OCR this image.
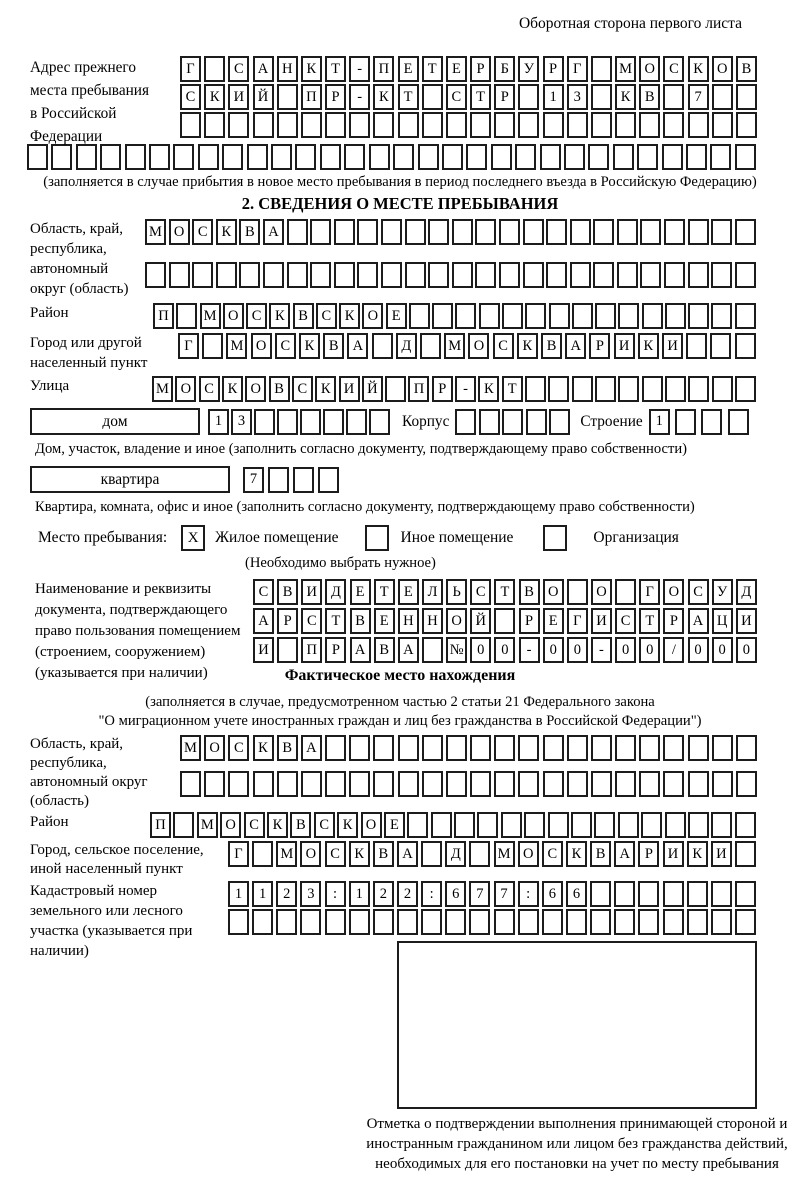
Оборотная сторона первого листа
Адрес прежнего места пребывания в Российской Федерации
Г	С А Н К	Т	-	П	Е	Т	Е	Р	Б	У	Р	Г	М О С	К О В
С	К И Й	П	Р	-	К	Т	С	Т	Р	1	3	К	В	7
(заполняется в случае прибытия в новое место пребывания в период последнего въезда в Российскую Федерацию)
2. СВЕДЕНИЯ О МЕСТЕ ПРЕБЫВАНИЯ
Область, край, республика, автономный округ (область)
М О С К В А
Район	П	М О С К В С К О Е
Город или другой населенный пункт
Г	М О С	К	В А	Д	М О С	К	В А	Р	И К И
Улица	М О С К О В С К И Й	П Р	-	К Т
дом	1	3	Корпус	Строение 1
Дом, участок, владение и иное (заполнить согласно документу, подтверждающему право собственности)
квартира	7
Квартира, комната, офис и иное (заполнить согласно документу, подтверждающему право собственности)
Место пребывания:	X	Жилое помещение	Иное помещение	Организация
(Необходимо выбрать нужное)
Наименование и реквизиты документа, подтверждающего право пользования помещением (строением, сооружением) (указывается при наличии)
С В И Д	Е	Т	Е	Л	Ь	С	Т	В О	О	Г	О С У Д
А	Р	С	Т	В	Е Н Н О Й	Р	Е	Г	И С	Т	Р	А Ц И
И	П	Р	А В А	№ 0	0	-	0	0	-	0	0	/	0	0	0
Фактическое место нахождения
(заполняется в случае, предусмотренном частью 2 статьи 21 Федерального закона
"О миграционном учете иностранных граждан и лиц без гражданства в Российской Федерации")
Область, край, республика, автономный округ (область)
М О С	К	В А
Район	П	М О С К В С К О Е
Город, сельское поселение, иной населенный пункт
Г	М О С К В А	Д	М О С К В А	Р	И К И
Кадастровый номер земельного или лесного участка (указывается при наличии)
1	1	2	3	:	1	2	2	:	6	7	7	:	6	6
Отметка о подтверждении выполнения принимающей стороной и иностранным гражданином или лицом без гражданства действий, необходимых для его постановки на учет по месту пребывания
